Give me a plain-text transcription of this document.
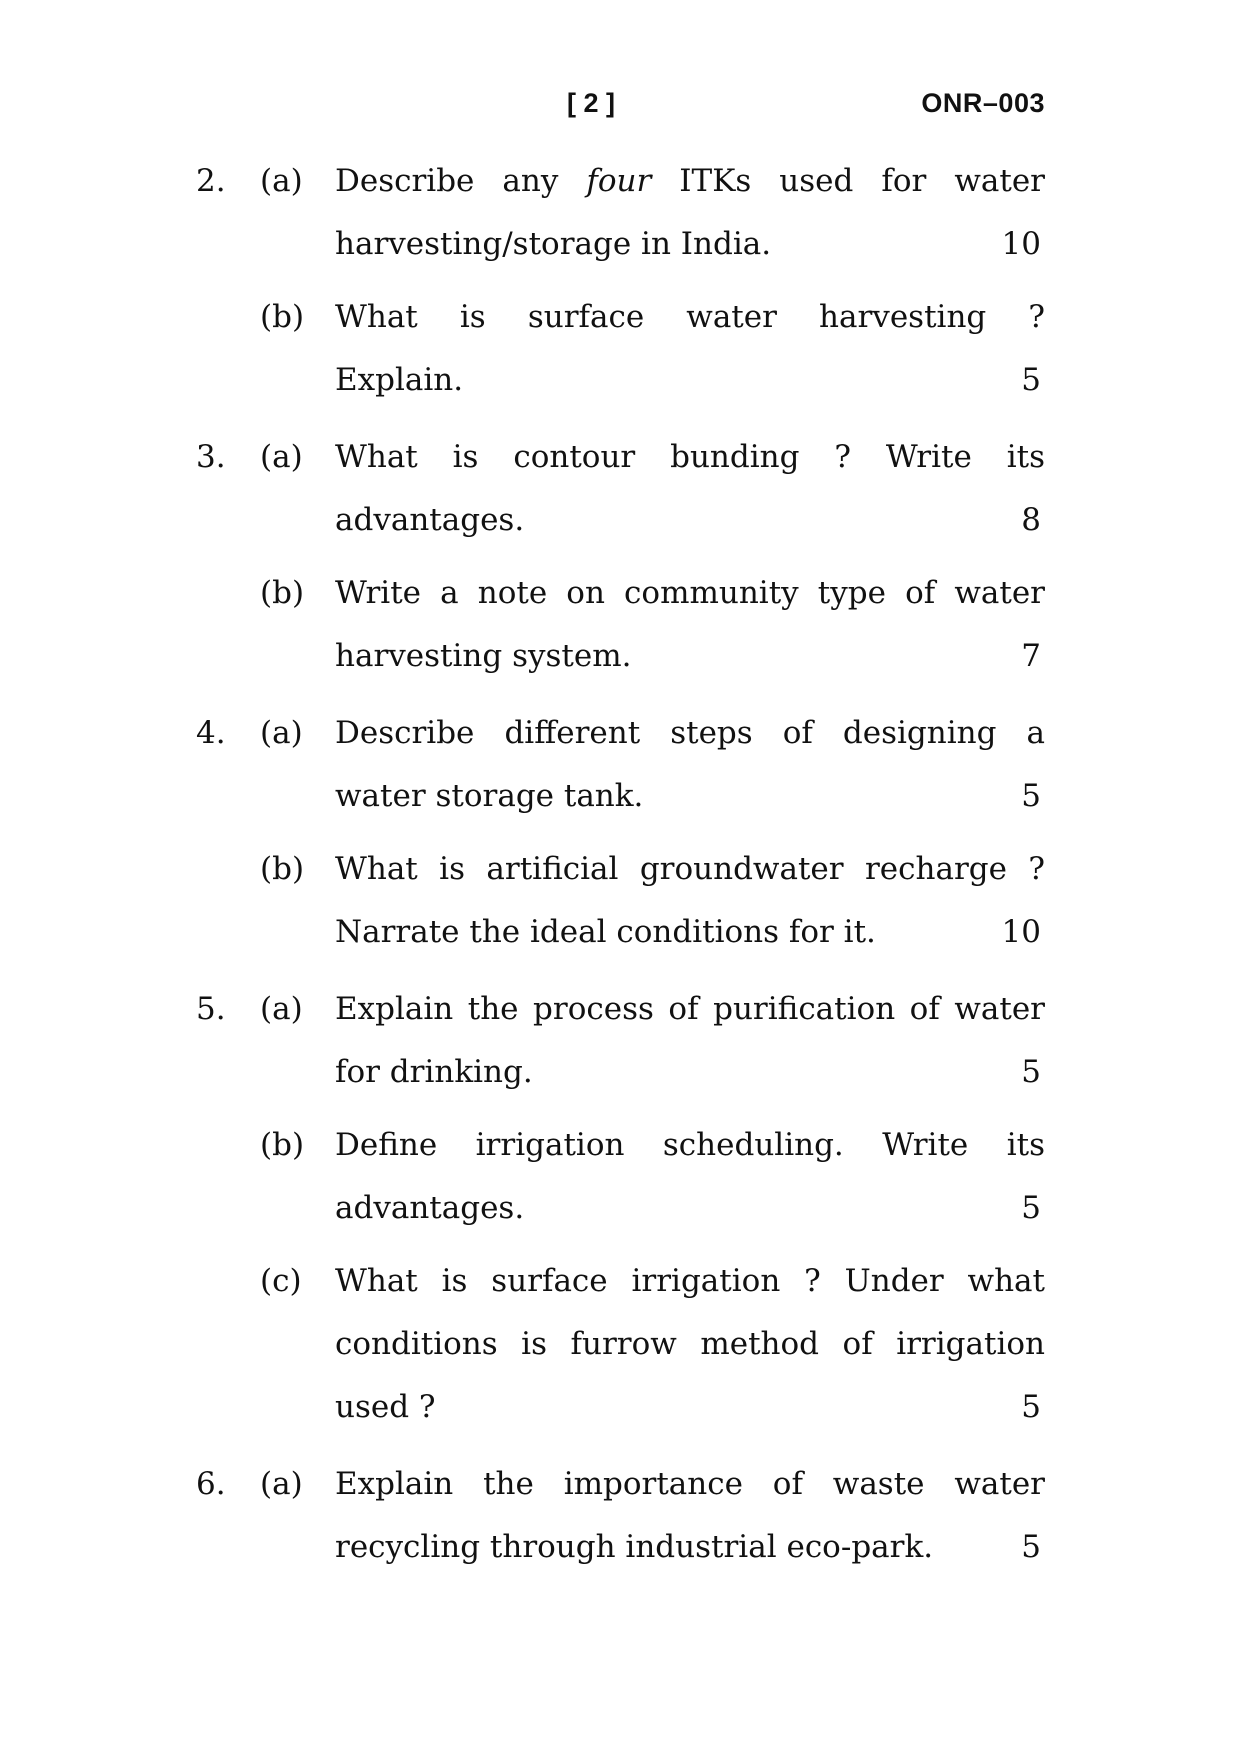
[ 2 ]	ONR–003
2.	(a)	Describe any four ITKs used for water
harvesting/storage in India.	10
(b) What is surface water harvesting ?
Explain.	5
3.	(a)	What is contour bunding ? Write its
advantages.	8
(b) Write a note on community type of water
harvesting system.	7
4.	(a)	Describe different steps of designing a
water storage tank.	5
(b) What is artificial groundwater recharge ?
Narrate the ideal conditions for it.	10
5.	(a)	Explain the process of purification of water
for drinking.	5
(b) Define irrigation scheduling. Write its
advantages.	5
(c)	What is surface irrigation ? Under what
conditions is furrow method of irrigation
used ?	5
6.	(a)	Explain the importance of waste water
recycling through industrial eco-park.	5
